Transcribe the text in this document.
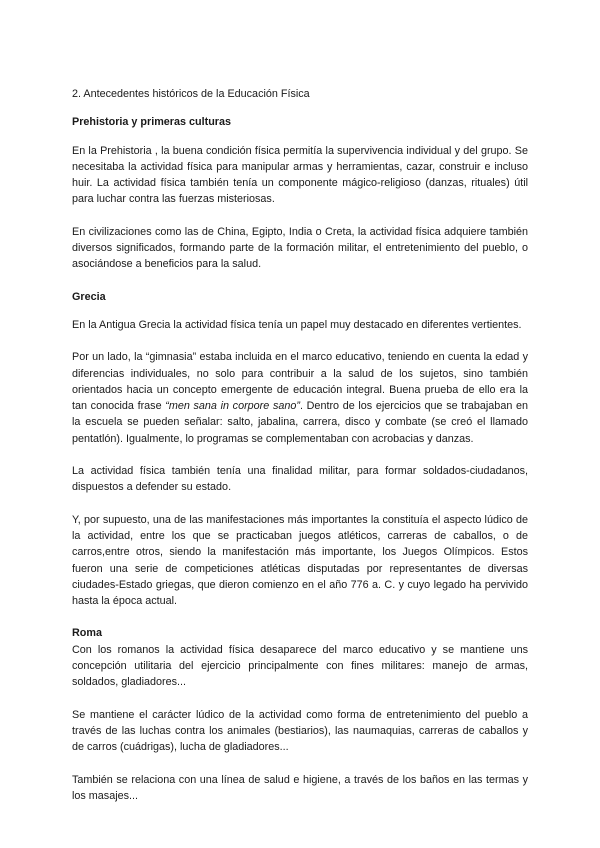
2. Antecedentes históricos de la Educación Física

Prehistoria y primeras culturas

En la Prehistoria , la buena condición física permitía la supervivencia individual y del grupo. Se necesitaba la actividad física para manipular armas y herramientas, cazar, construir e incluso huir. La actividad física también tenía un componente mágico-religioso (danzas, rituales) útil para luchar contra las fuerzas misteriosas.

En civilizaciones como las de China, Egipto, India o Creta, la actividad física adquiere también diversos significados, formando parte de la formación militar, el entretenimiento del pueblo, o asociándose a beneficios para la salud.

Grecia

En la Antigua Grecia la actividad física tenía un papel muy destacado en diferentes vertientes.

Por un lado, la “gimnasia” estaba incluida en el marco educativo, teniendo en cuenta la edad y diferencias individuales, no solo para contribuir a la salud de los sujetos, sino también orientados hacia un concepto emergente de educación integral. Buena prueba de ello era la tan conocida frase “men sana in corpore sano”. Dentro de los ejercicios que se trabajaban en la escuela se pueden señalar: salto, jabalina, carrera, disco y combate (se creó el llamado pentatlón). Igualmente, lo programas se complementaban con acrobacias y danzas.

La actividad física también tenía una finalidad militar, para formar soldados-ciudadanos, dispuestos a defender su estado.

Y, por supuesto, una de las manifestaciones más importantes la constituía el aspecto lúdico de la actividad, entre los que se practicaban juegos atléticos, carreras de caballos, o de carros,entre otros, siendo la manifestación más importante, los Juegos Olímpicos. Estos fueron una serie de competiciones atléticas disputadas por representantes de diversas ciudades-Estado griegas, que dieron comienzo en el año 776 a. C. y cuyo legado ha pervivido hasta la época actual.

Roma

Con los romanos la actividad física desaparece del marco educativo y se mantiene uns concepción utilitaria del ejercicio principalmente con fines militares: manejo de armas, soldados, gladiadores...

Se mantiene el carácter lúdico de la actividad como forma de entretenimiento del pueblo a través de las luchas contra los animales (bestiarios), las naumaquias, carreras de caballos y de carros (cuádrigas), lucha de gladiadores...

También se relaciona con una línea de salud e higiene, a través de los baños en las termas y los masajes...
